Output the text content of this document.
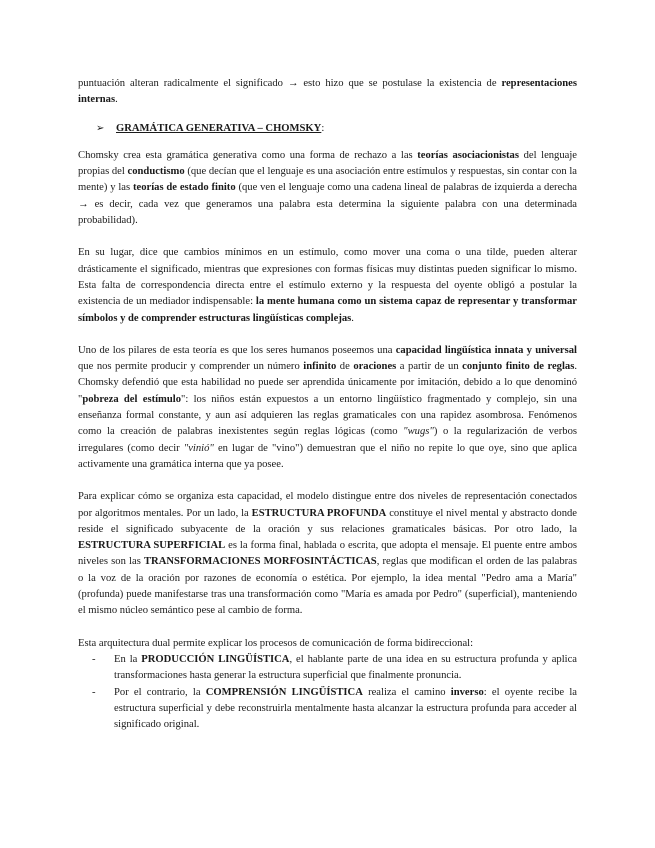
puntuación alteran radicalmente el significado → esto hizo que se postulase la existencia de representaciones internas.

➢	GRAMÁTICA GENERATIVA – CHOMSKY :

Chomsky crea esta gramática generativa como una forma de rechazo a las teorías asociacionistas del lenguaje propias del conductismo (que decían que el lenguaje es una asociación entre estímulos y respuestas, sin contar con la mente) y las teorías de estado finito (que ven el lenguaje como una cadena lineal de palabras de izquierda a derecha → es decir, cada vez que generamos una palabra esta determina la siguiente palabra con una determinada probabilidad).

En su lugar, dice que cambios mínimos en un estímulo, como mover una coma o una tilde, pueden alterar drásticamente el significado, mientras que expresiones con formas físicas muy distintas pueden significar lo mismo. Esta falta de correspondencia directa entre el estímulo externo y la respuesta del oyente obligó a postular la existencia de un mediador indispensable: la mente humana como un sistema capaz de representar y transformar símbolos y de comprender estructuras lingüísticas complejas.

Uno de los pilares de esta teoría es que los seres humanos poseemos una capacidad lingüística innata y universal que nos permite producir y comprender un número infinito de oraciones a partir de un conjunto finito de reglas. Chomsky defendió que esta habilidad no puede ser aprendida únicamente por imitación, debido a lo que denominó "pobreza del estímulo": los niños están expuestos a un entorno lingüístico fragmentado y complejo, sin una enseñanza formal constante, y aun así adquieren las reglas gramaticales con una rapidez asombrosa. Fenómenos como la creación de palabras inexistentes según reglas lógicas (como "wugs") o la regularización de verbos irregulares (como decir "vinió" en lugar de "vino") demuestran que el niño no repite lo que oye, sino que aplica activamente una gramática interna que ya posee.

Para explicar cómo se organiza esta capacidad, el modelo distingue entre dos niveles de representación conectados por algoritmos mentales. Por un lado, la ESTRUCTURA PROFUNDA constituye el nivel mental y abstracto donde reside el significado subyacente de la oración y sus relaciones gramaticales básicas. Por otro lado, la ESTRUCTURA SUPERFICIAL es la forma final, hablada o escrita, que adopta el mensaje. El puente entre ambos niveles son las TRANSFORMACIONES MORFOSINTÁCTICAS, reglas que modifican el orden de las palabras o la voz de la oración por razones de economía o estética. Por ejemplo, la idea mental "Pedro ama a María" (profunda) puede manifestarse tras una transformación como "María es amada por Pedro" (superficial), manteniendo el mismo núcleo semántico pese al cambio de forma.

Esta arquitectura dual permite explicar los procesos de comunicación de forma bidireccional:

-	En la PRODUCCIÓN LINGÜÍSTICA, el hablante parte de una idea en su estructura profunda y aplica transformaciones hasta generar la estructura superficial que finalmente pronuncia.
-	Por el contrario, la COMPRENSIÓN LINGÜÍSTICA realiza el camino inverso: el oyente recibe la estructura superficial y debe reconstruirla mentalmente hasta alcanzar la estructura profunda para acceder al significado original.
